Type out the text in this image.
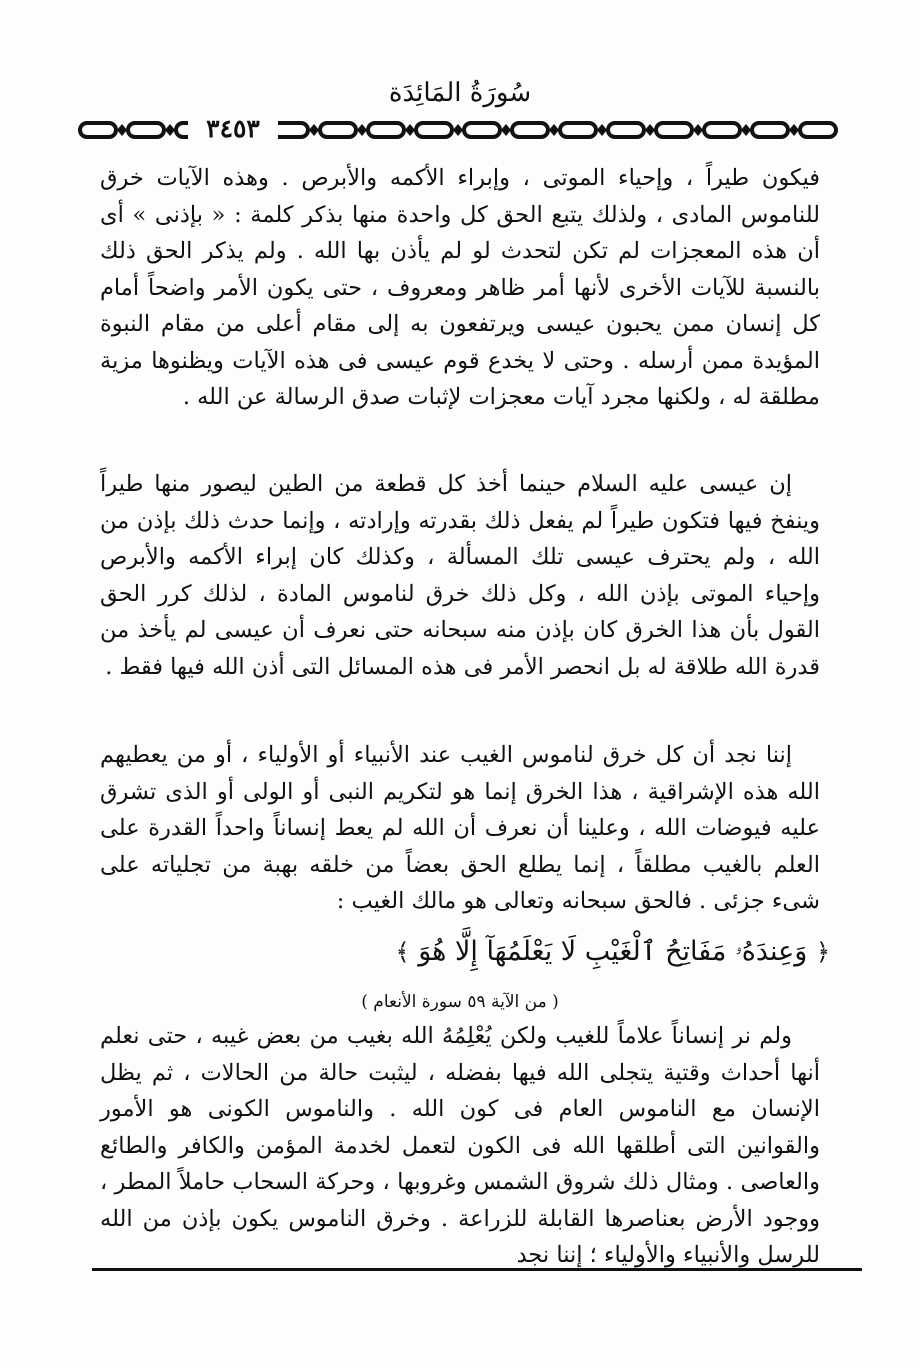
سُورَةُ المَائِدَة
٣٤٥٣

فيكون طيراً ، وإحياء الموتى ، وإبراء الأكمه والأبرص . وهذه الآيات خرق للناموس المادى ، ولذلك يتبع الحق كل واحدة منها بذكر كلمة : « بإذنى » أى أن هذه المعجزات لم تكن لتحدث لو لم يأذن بها الله . ولم يذكر الحق ذلك بالنسبة للآيات الأخرى لأنها أمر ظاهر ومعروف ، حتى يكون الأمر واضحاً أمام كل إنسان ممن يحبون عيسى ويرتفعون به إلى مقام أعلى من مقام النبوة المؤيدة ممن أرسله . وحتى لا يخدع قوم عيسى فى هذه الآيات ويظنوها مزية مطلقة له ، ولكنها مجرد آيات معجزات لإثبات صدق الرسالة عن الله .

إن عيسى عليه السلام حينما أخذ كل قطعة من الطين ليصور منها طيراً وينفخ فيها فتكون طيراً لم يفعل ذلك بقدرته وإرادته ، وإنما حدث ذلك بإذن من الله ، ولم يحترف عيسى تلك المسألة ، وكذلك كان إبراء الأكمه والأبرص وإحياء الموتى بإذن الله ، وكل ذلك خرق لناموس المادة ، لذلك كرر الحق القول بأن هذا الخرق كان بإذن منه سبحانه حتى نعرف أن عيسى لم يأخذ من قدرة الله طلاقة له بل انحصر الأمر فى هذه المسائل التى أذن الله فيها فقط .

إننا نجد أن كل خرق لناموس الغيب عند الأنبياء أو الأولياء ، أو من يعطيهم الله هذه الإشراقية ، هذا الخرق إنما هو لتكريم النبى أو الولى أو الذى تشرق عليه فيوضات الله ، وعلينا أن نعرف أن الله لم يعط إنساناً واحداً القدرة على العلم بالغيب مطلقاً ، إنما يطلع الحق بعضاً من خلقه بهبة من تجلياته على شىء جزئى . فالحق سبحانه وتعالى هو مالك الغيب :

﴿ وَعِندَهُۥ مَفَاتِحُ ٱلْغَيْبِ لَا يَعْلَمُهَآ إِلَّا هُوَ ﴾
( من الآية ٥٩ سورة الأنعام )

ولم نر إنساناً علاماً للغيب ولكن يُعْلِمُهُ الله بغيب من بعض غيبه ، حتى نعلم أنها أحداث وقتية يتجلى الله فيها بفضله ، ليثبت حالة من الحالات ، ثم يظل الإنسان مع الناموس العام فى كون الله . والناموس الكونى هو الأمور والقوانين التى أطلقها الله فى الكون لتعمل لخدمة المؤمن والكافر والطائع والعاصى . ومثال ذلك شروق الشمس وغروبها ، وحركة السحاب حاملاً المطر ، ووجود الأرض بعناصرها القابلة للزراعة . وخرق الناموس يكون بإذن من الله للرسل والأنبياء والأولياء ؛ إننا نجد
